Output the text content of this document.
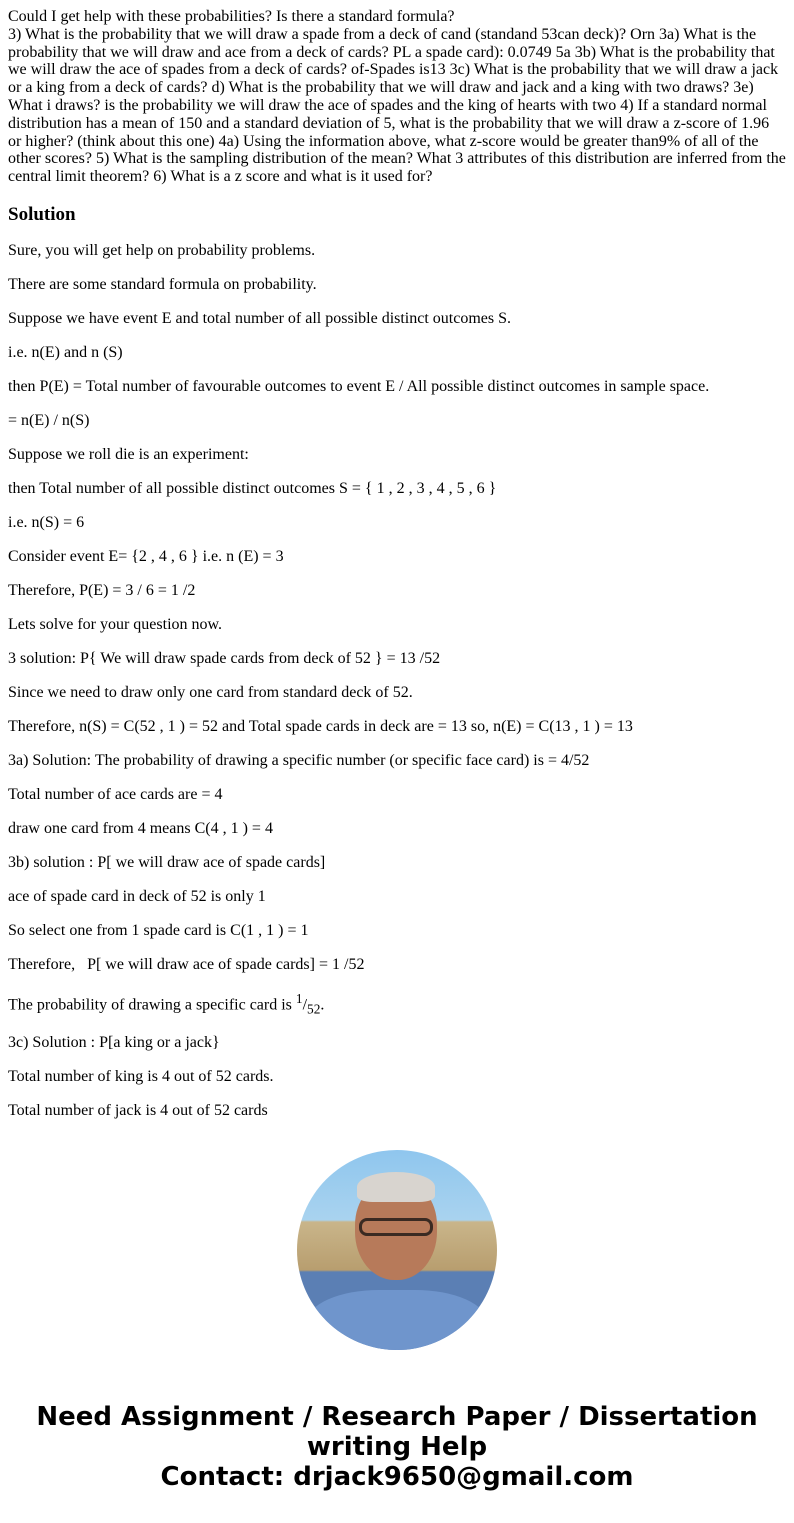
Could I get help with these probabilities? Is there a standard formula?
3) What is the probability that we will draw a spade from a deck of cand (standand 53can deck)? Orn 3a) What is the probability that we will draw and ace from a deck of cards? PL a spade card): 0.0749 5a 3b) What is the probability that we will draw the ace of spades from a deck of cards? of-Spades is13 3c) What is the probability that we will draw a jack or a king from a deck of cards? d) What is the probability that we will draw and jack and a king with two draws? 3e) What i draws? is the probability we will draw the ace of spades and the king of hearts with two 4) If a standard normal distribution has a mean of 150 and a standard deviation of 5, what is the probability that we will draw a z-score of 1.96 or higher? (think about this one) 4a) Using the information above, what z-score would be greater than9% of all of the other scores? 5) What is the sampling distribution of the mean? What 3 attributes of this distribution are inferred from the central limit theorem? 6) What is a z score and what is it used for?
Solution

Sure, you will get help on probability problems.

There are some standard formula on probability.

Suppose we have event E and total number of all possible distinct outcomes S.

i.e. n(E) and n (S)

then P(E) = Total number of favourable outcomes to event E / All possible distinct outcomes in sample space.

= n(E) / n(S)

Suppose we roll die is an experiment:

then Total number of all possible distinct outcomes S = { 1 , 2 , 3 , 4 , 5 , 6 }

i.e. n(S) = 6

Consider event E= {2 , 4 , 6 } i.e. n (E) = 3

Therefore, P(E) = 3 / 6 = 1 /2

Lets solve for your question now.

3 solution: P{ We will draw spade cards from deck of 52 } = 13 /52

Since we need to draw only one card from standard deck of 52.

Therefore, n(S) = C(52 , 1 ) = 52 and Total spade cards in deck are = 13 so, n(E) = C(13 , 1 ) = 13

3a) Solution: The probability of drawing a specific number (or specific face card) is = 4/52

Total number of ace cards are = 4

draw one card from 4 means C(4 , 1 ) = 4

3b) solution : P[ we will draw ace of spade cards]

ace of spade card in deck of 52 is only 1

So select one from 1 spade card is C(1 , 1 ) = 1

Therefore,   P[ we will draw ace of spade cards] = 1 /52

The probability of drawing a specific card is $^1/_{52}$.

3c) Solution : P[a king or a jack}

Total number of king is 4 out of 52 cards.

Total number of jack is 4 out of 52 cards

Need Assignment / Research Paper / Dissertation writing Help
Contact: drjack9650@gmail.com
